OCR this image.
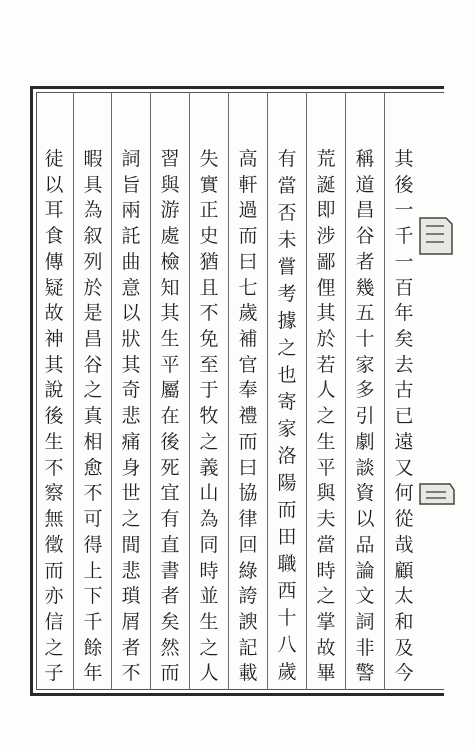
其
後
一
千
一
百
年
矣
去
古
已
遠
又
何
從
哉
顧
太
和
及
今
稱
道
昌
谷
者
幾
五
十
家
多
引
劇
談
資
以
品
論
文
詞
非
警
荒
誕
即
涉
鄙
俚
其
於
若
人
之
生
平
與
夫
當
時
之
掌
故
畢
有
當
否
未
嘗
考
據
之
也
寄
家
洛
陽
而
田
職
西
十
八
歲
高
軒
過
而
曰
七
歲
補
官
奉
禮
而
曰
協
律
回
綠
誇
諛
記
載
失
實
正
史
猶
且
不
免
至
于
牧
之
義
山
為
同
時
並
生
之
人
習
與
游
處
檢
知
其
生
平
屬
在
後
死
宜
有
直
書
者
矣
然
而
詞
旨
兩
託
曲
意
以
狀
其
奇
悲
痛
身
世
之
間
悲
瑣
屑
者
不
暇
具
為
叙
列
於
是
昌
谷
之
真
相
愈
不
可
得
上
下
千
餘
年
徒
以
耳
食
傳
疑
故
神
其
說
後
生
不
察
無
徵
而
亦
信
之
子
